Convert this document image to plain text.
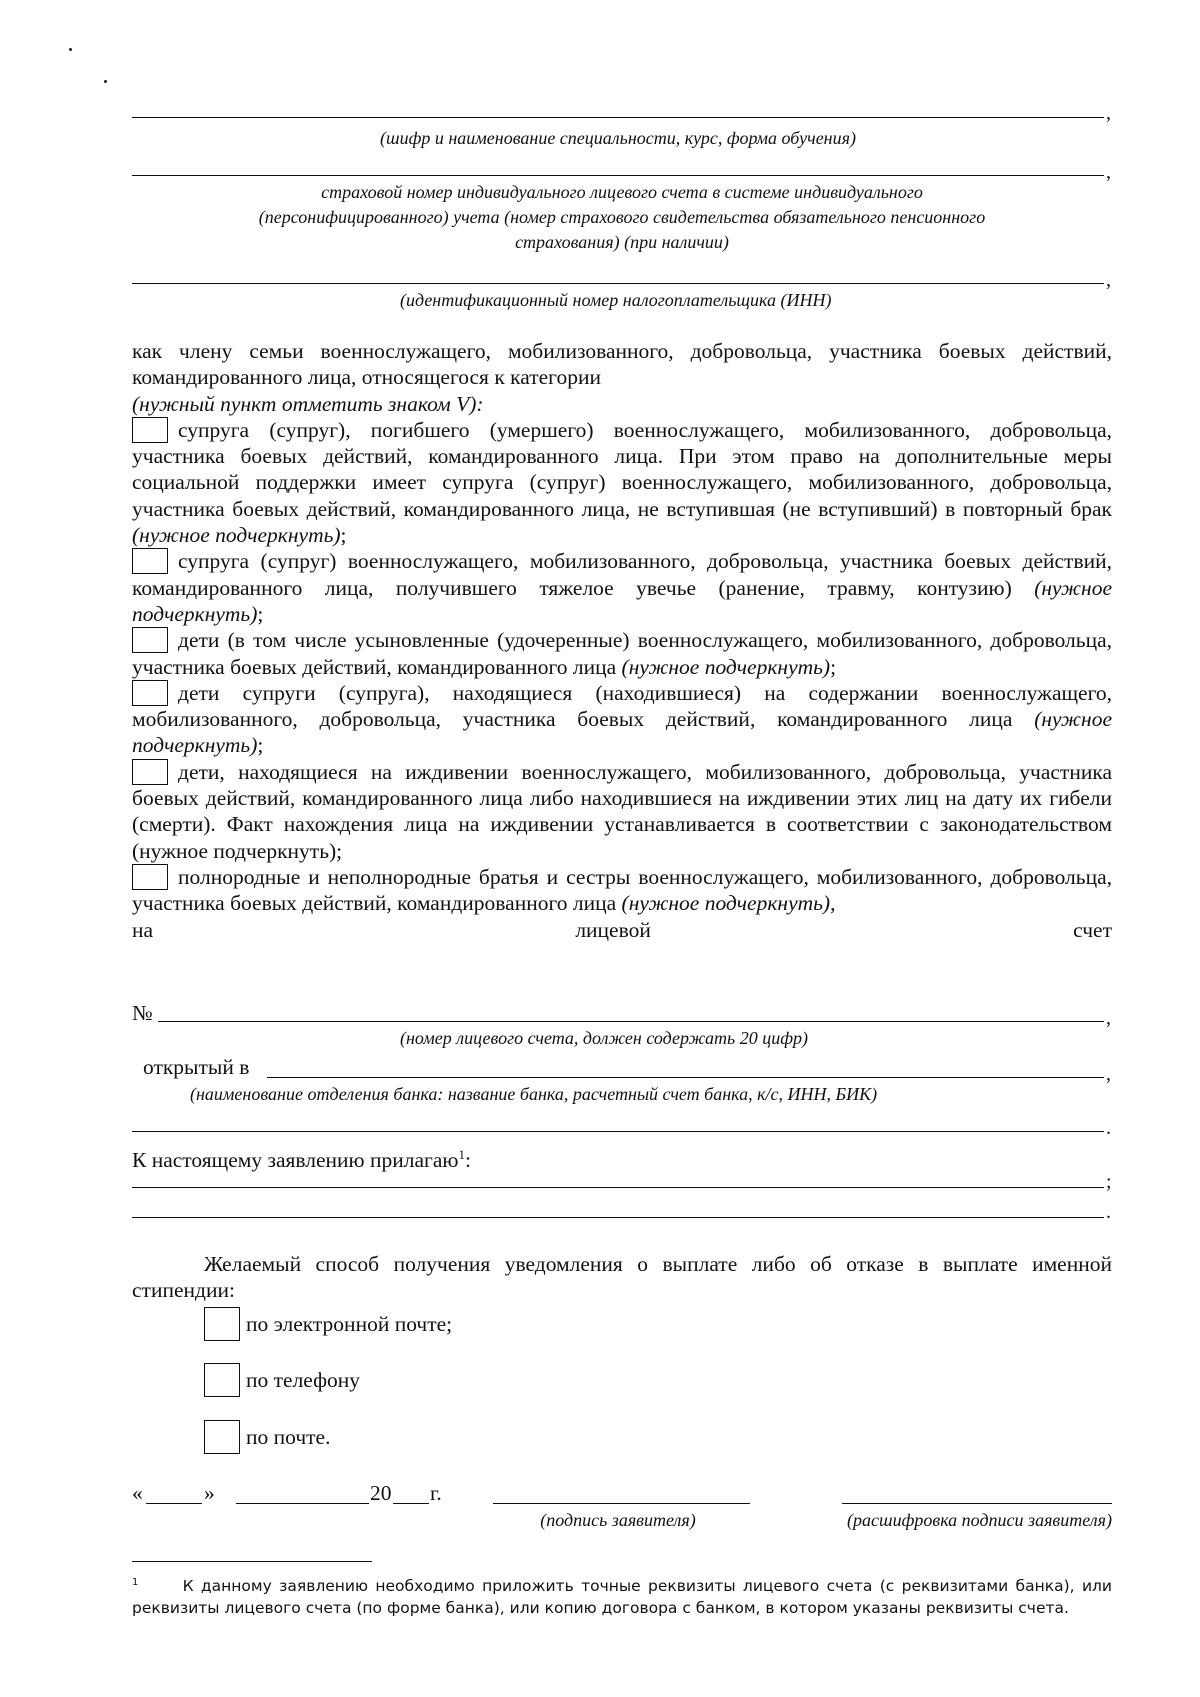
,
(шифр и наименование специальности, курс, форма обучения)
,
страховой номер индивидуального лицевого счета в системе индивидуального
(персонифицированного) учета (номер страхового свидетельства обязательного пенсионного
страхования) (при наличии)
,
(идентификационный номер налогоплательщика (ИНН)

как члену семьи военнослужащего, мобилизованного, добровольца, участника боевых действий, командированного лица, относящегося к категории

(нужный пункт отметить знаком V):

супруга (супруг), погибшего (умершего) военнослужащего, мобилизованного, добровольца, участника боевых действий, командированного лица. При этом право на дополнительные меры социальной поддержки имеет супруга (супруг) военнослужащего, мобилизованного, добровольца, участника боевых действий, командированного лица, не вступившая (не вступивший) в повторный брак (нужное подчеркнуть);

супруга (супруг) военнослужащего, мобилизованного, добровольца, участника боевых действий, командированного лица, получившего тяжелое увечье (ранение, травму, контузию) (нужное подчеркнуть);

дети (в том числе усыновленные (удочеренные) военнослужащего, мобилизованного, добровольца, участника боевых действий, командированного лица (нужное подчеркнуть);

дети супруги (супруга), находящиеся (находившиеся) на содержании военнослужащего, мобилизованного, добровольца, участника боевых действий, командированного лица (нужное подчеркнуть);

дети, находящиеся на иждивении военнослужащего, мобилизованного, добровольца, участника боевых действий, командированного лица либо находившиеся на иждивении этих лиц на дату их гибели (смерти). Факт нахождения лица на иждивении устанавливается в соответствии с законодательством (нужное подчеркнуть);

полнородные и неполнородные братья и сестры военнослужащего, мобилизованного, добровольца, участника боевых действий, командированного лица (нужное подчеркнуть),

на	лицевой	счет
№	,
(номер лицевого счета, должен содержать 20 цифр)
открытый в	,
(наименование отделения банка: название банка, расчетный счет банка, к/с, ИНН, БИК)
.
К настоящему заявлению прилагаю$^1$:
;
.

Желаемый способ получения уведомления о выплате либо об отказе в выплате именной стипендии:

по электронной почте;
по телефону
по почте.
«	»	20 г.
(подпись заявителя)	(расшифровка подписи заявителя)
$^1$	К данному заявлению необходимо приложить точные реквизиты лицевого счета (с реквизитами банка), или реквизиты лицевого счета (по форме банка), или копию договора с банком, в котором указаны реквизиты счета.
